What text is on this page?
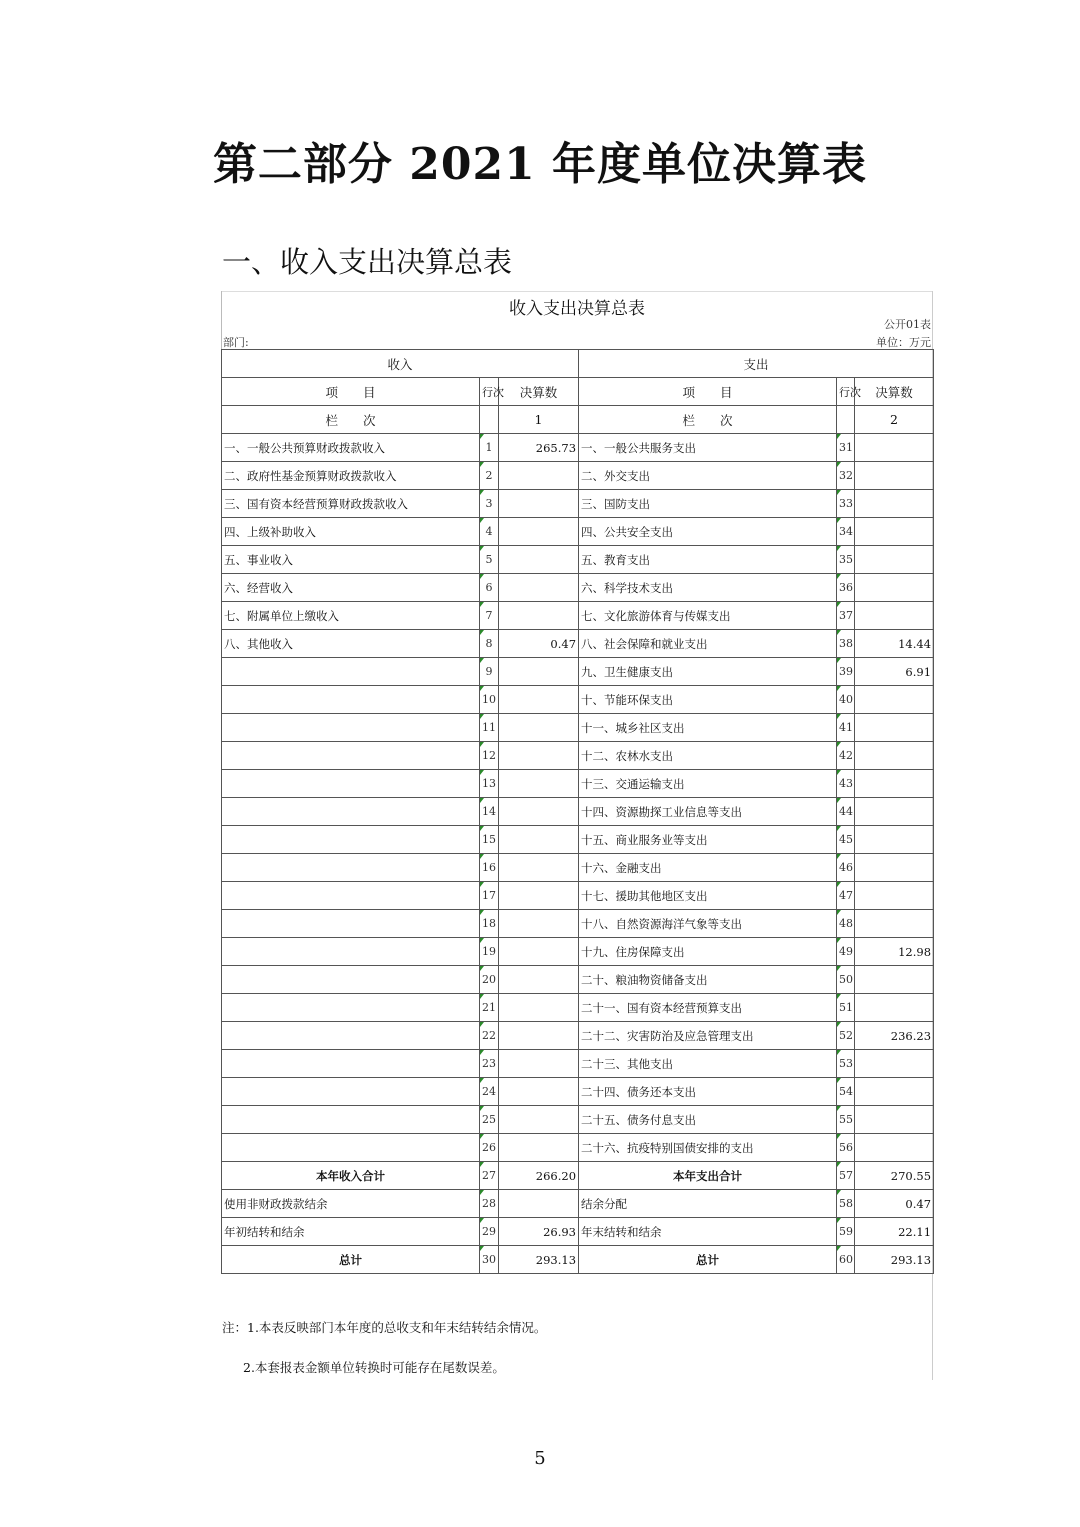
第二部分 2021 年度单位决算表
一、收入支出决算总表
收入支出决算总表
公开01表
部门:	单位：万元
收入			支出		
项　　目	行次	决算数	项　　目	行次	决算数
栏　　次		1	栏　　次		2
一、一般公共预算财政拨款收入	1	265.73	一、一般公共服务支出	31	
二、政府性基金预算财政拨款收入	2		二、外交支出	32	
三、国有资本经营预算财政拨款收入	3		三、国防支出	33	
四、上级补助收入	4		四、公共安全支出	34	
五、事业收入	5		五、教育支出	35	
六、经营收入	6		六、科学技术支出	36	
七、附属单位上缴收入	7		七、文化旅游体育与传媒支出	37	
八、其他收入	8	0.47	八、社会保障和就业支出	38	14.44
	9		九、卫生健康支出	39	6.91
	10		十、节能环保支出	40	
	11		十一、城乡社区支出	41	
	12		十二、农林水支出	42	
	13		十三、交通运输支出	43	
	14		十四、资源勘探工业信息等支出	44	
	15		十五、商业服务业等支出	45	
	16		十六、金融支出	46	
	17		十七、援助其他地区支出	47	
	18		十八、自然资源海洋气象等支出	48	
	19		十九、住房保障支出	49	12.98
	20		二十、粮油物资储备支出	50	
	21		二十一、国有资本经营预算支出	51	
	22		二十二、灾害防治及应急管理支出	52	236.23
	23		二十三、其他支出	53	
	24		二十四、债务还本支出	54	
	25		二十五、债务付息支出	55	
	26		二十六、抗疫特别国债安排的支出	56	
本年收入合计	27	266.20	本年支出合计	57	270.55
使用非财政拨款结余	28		结余分配	58	0.47
年初结转和结余	29	26.93	年末结转和结余	59	22.11
总计	30	293.13	总计	60	293.13
注：1.本表反映部门本年度的总收支和年末结转结余情况。
2.本套报表金额单位转换时可能存在尾数误差。
5
